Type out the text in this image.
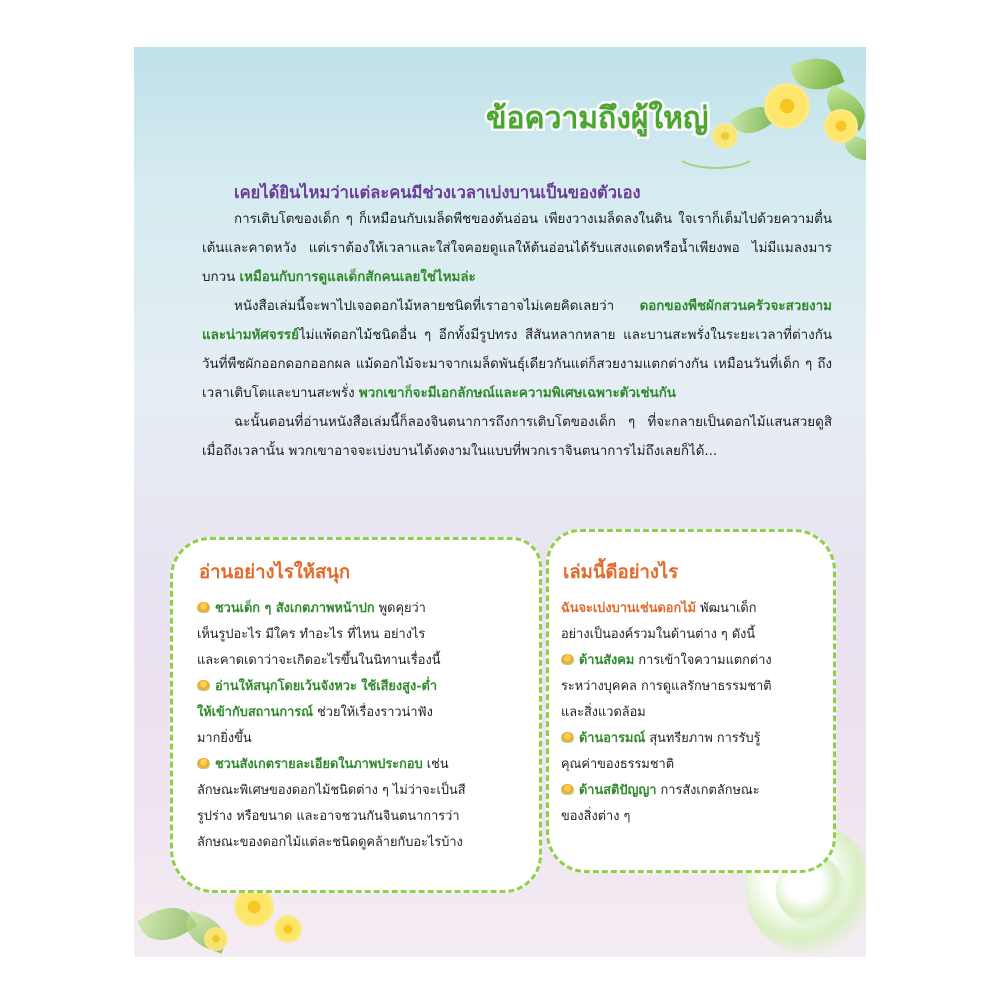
ข้อความถึงผู้ใหญ่
เคยได้ยินไหมว่าแต่ละคนมีช่วงเวลาเบ่งบานเป็นของตัวเอง

การเติบโตของเด็ก ๆ ก็เหมือนกับเมล็ดพืชของต้นอ่อน เพียงวางเมล็ดลงในดิน ใจเราก็เต็มไปด้วยความตื่นเต้นและคาดหวัง แต่เราต้องให้เวลาและใส่ใจคอยดูแลให้ต้นอ่อนได้รับแสงแดดหรือน้ำเพียงพอ ไม่มีแมลงมารบกวน เหมือนกับการดูแลเด็กสักคนเลยใช่ไหมล่ะ

หนังสือเล่มนี้จะพาไปเจอดอกไม้หลายชนิดที่เราอาจไม่เคยคิดเลยว่า ดอกของพืชผักสวนครัวจะสวยงามและน่ามหัศจรรย์ไม่แพ้ดอกไม้ชนิดอื่น ๆ อีกทั้งมีรูปทรง สีสันหลากหลาย และบานสะพรั่งในระยะเวลาที่ต่างกัน วันที่พืชผักออกดอกออกผล แม้ดอกไม้จะมาจากเมล็ดพันธุ์เดียวกันแต่ก็สวยงามแตกต่างกัน เหมือนวันที่เด็ก ๆ ถึงเวลาเติบโตและบานสะพรั่ง พวกเขาก็จะมีเอกลักษณ์และความพิเศษเฉพาะตัวเช่นกัน

ฉะนั้นตอนที่อ่านหนังสือเล่มนี้ก็ลองจินตนาการถึงการเติบโตของเด็ก ๆ ที่จะกลายเป็นดอกไม้แสนสวยดูสิ เมื่อถึงเวลานั้น พวกเขาอาจจะเบ่งบานได้งดงามในแบบที่พวกเราจินตนาการไม่ถึงเลยก็ได้...

อ่านอย่างไรให้สนุก
ชวนเด็ก ๆ สังเกตภาพหน้าปก พูดคุยว่า
เห็นรูปอะไร มีใคร ทำอะไร ที่ไหน อย่างไร
และคาดเดาว่าจะเกิดอะไรขึ้นในนิทานเรื่องนี้
อ่านให้สนุกโดยเว้นจังหวะ ใช้เสียงสูง-ต่ำ
ให้เข้ากับสถานการณ์ ช่วยให้เรื่องราวน่าฟัง
มากยิ่งขึ้น
ชวนสังเกตรายละเอียดในภาพประกอบ เช่น
ลักษณะพิเศษของดอกไม้ชนิดต่าง ๆ ไม่ว่าจะเป็นสี
รูปร่าง หรือขนาด และอาจชวนกันจินตนาการว่า
ลักษณะของดอกไม้แต่ละชนิดดูคล้ายกับอะไรบ้าง
เล่มนี้ดีอย่างไร
ฉันจะเบ่งบานเช่นดอกไม้ พัฒนาเด็ก
อย่างเป็นองค์รวมในด้านต่าง ๆ ดังนี้
ด้านสังคม การเข้าใจความแตกต่าง
ระหว่างบุคคล การดูแลรักษาธรรมชาติ
และสิ่งแวดล้อม
ด้านอารมณ์ สุนทรียภาพ การรับรู้
คุณค่าของธรรมชาติ
ด้านสติปัญญา การสังเกตลักษณะ
ของสิ่งต่าง ๆ
